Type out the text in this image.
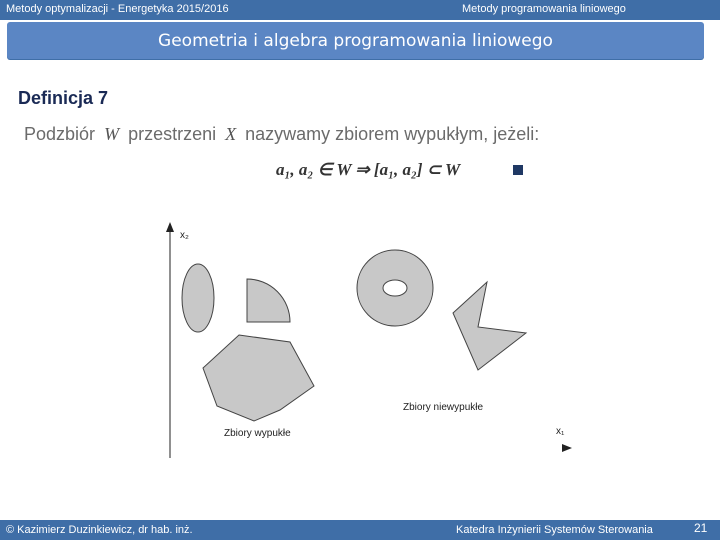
Metody optymalizacji - Energetyka 2015/2016	Metody programowania liniowego
Geometria i algebra programowania liniowego
Definicja 7
Podzbiór W przestrzeni X nazywamy zbiorem wypukłym, jeżeli:
a₁, a₂ ∈ W ⇒ [a₁, a₂] ⊂ W
x₂
x₁
Zbiory wypukłe
Zbiory niewypukłe
© Kazimierz Duzinkiewicz, dr hab. inż.	Katedra Inżynierii Systemów Sterowania	21
